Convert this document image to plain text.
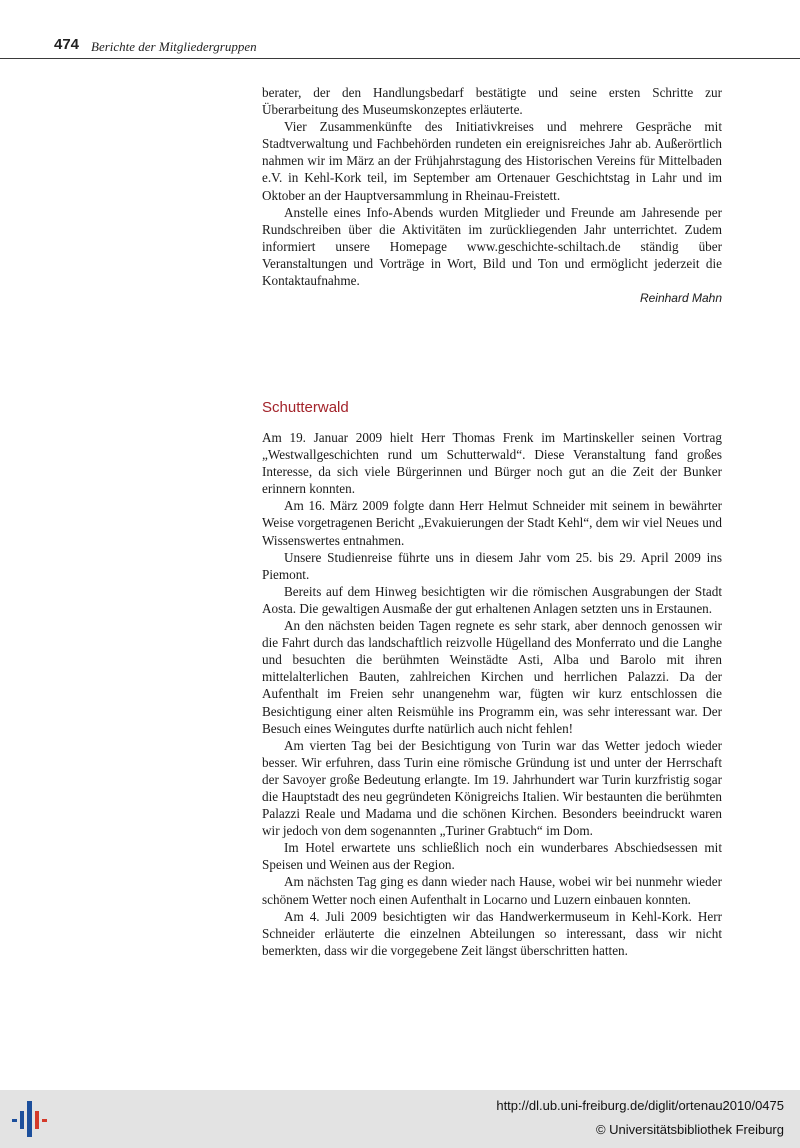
474 Berichte der Mitgliedergruppen

berater, der den Handlungsbedarf bestätigte und seine ersten Schritte zur Überarbeitung des Museumskonzeptes erläuterte.

Vier Zusammenkünfte des Initiativkreises und mehrere Gespräche mit Stadtverwaltung und Fachbehörden rundeten ein ereignisreiches Jahr ab. Außerörtlich nahmen wir im März an der Frühjahrstagung des Historischen Vereins für Mittelbaden e.V. in Kehl-Kork teil, im September am Ortenauer Geschichtstag in Lahr und im Oktober an der Hauptversammlung in Rheinau-Freistett.

Anstelle eines Info-Abends wurden Mitglieder und Freunde am Jahresende per Rundschreiben über die Aktivitäten im zurückliegenden Jahr unterrichtet. Zudem informiert unsere Homepage www.geschichte-schiltach.de ständig über Veranstaltungen und Vorträge in Wort, Bild und Ton und ermöglicht jederzeit die Kontaktaufnahme.

Reinhard Mahn
Schutterwald

Am 19. Januar 2009 hielt Herr Thomas Frenk im Martinskeller seinen Vortrag „Westwallgeschichten rund um Schutterwald“. Diese Veranstaltung fand großes Interesse, da sich viele Bürgerinnen und Bürger noch gut an die Zeit der Bunker erinnern konnten.

Am 16. März 2009 folgte dann Herr Helmut Schneider mit seinem in bewährter Weise vorgetragenen Bericht „Evakuierungen der Stadt Kehl“, dem wir viel Neues und Wissenswertes entnahmen.

Unsere Studienreise führte uns in diesem Jahr vom 25. bis 29. April 2009 ins Piemont.

Bereits auf dem Hinweg besichtigten wir die römischen Ausgrabungen der Stadt Aosta. Die gewaltigen Ausmaße der gut erhaltenen Anlagen setzten uns in Erstaunen.

An den nächsten beiden Tagen regnete es sehr stark, aber dennoch genossen wir die Fahrt durch das landschaftlich reizvolle Hügelland des Monferrato und die Langhe und besuchten die berühmten Weinstädte Asti, Alba und Barolo mit ihren mittelalterlichen Bauten, zahlreichen Kirchen und herrlichen Palazzi. Da der Aufenthalt im Freien sehr unangenehm war, fügten wir kurz entschlossen die Besichtigung einer alten Reismühle ins Programm ein, was sehr interessant war. Der Besuch eines Weingutes durfte natürlich auch nicht fehlen!

Am vierten Tag bei der Besichtigung von Turin war das Wetter jedoch wieder besser. Wir erfuhren, dass Turin eine römische Gründung ist und unter der Herrschaft der Savoyer große Bedeutung erlangte. Im 19. Jahrhundert war Turin kurzfristig sogar die Hauptstadt des neu gegründeten Königreichs Italien. Wir bestaunten die berühmten Palazzi Reale und Madama und die schönen Kirchen. Besonders beeindruckt waren wir jedoch von dem sogenannten „Turiner Grabtuch“ im Dom.

Im Hotel erwartete uns schließlich noch ein wunderbares Abschiedsessen mit Speisen und Weinen aus der Region.

Am nächsten Tag ging es dann wieder nach Hause, wobei wir bei nunmehr wieder schönem Wetter noch einen Aufenthalt in Locarno und Luzern einbauen konnten.

Am 4. Juli 2009 besichtigten wir das Handwerkermuseum in Kehl-Kork. Herr Schneider erläuterte die einzelnen Abteilungen so interessant, dass wir nicht bemerkten, dass wir die vorgegebene Zeit längst überschritten hatten.

http://dl.ub.uni-freiburg.de/diglit/ortenau2010/0475
© Universitätsbibliothek Freiburg
